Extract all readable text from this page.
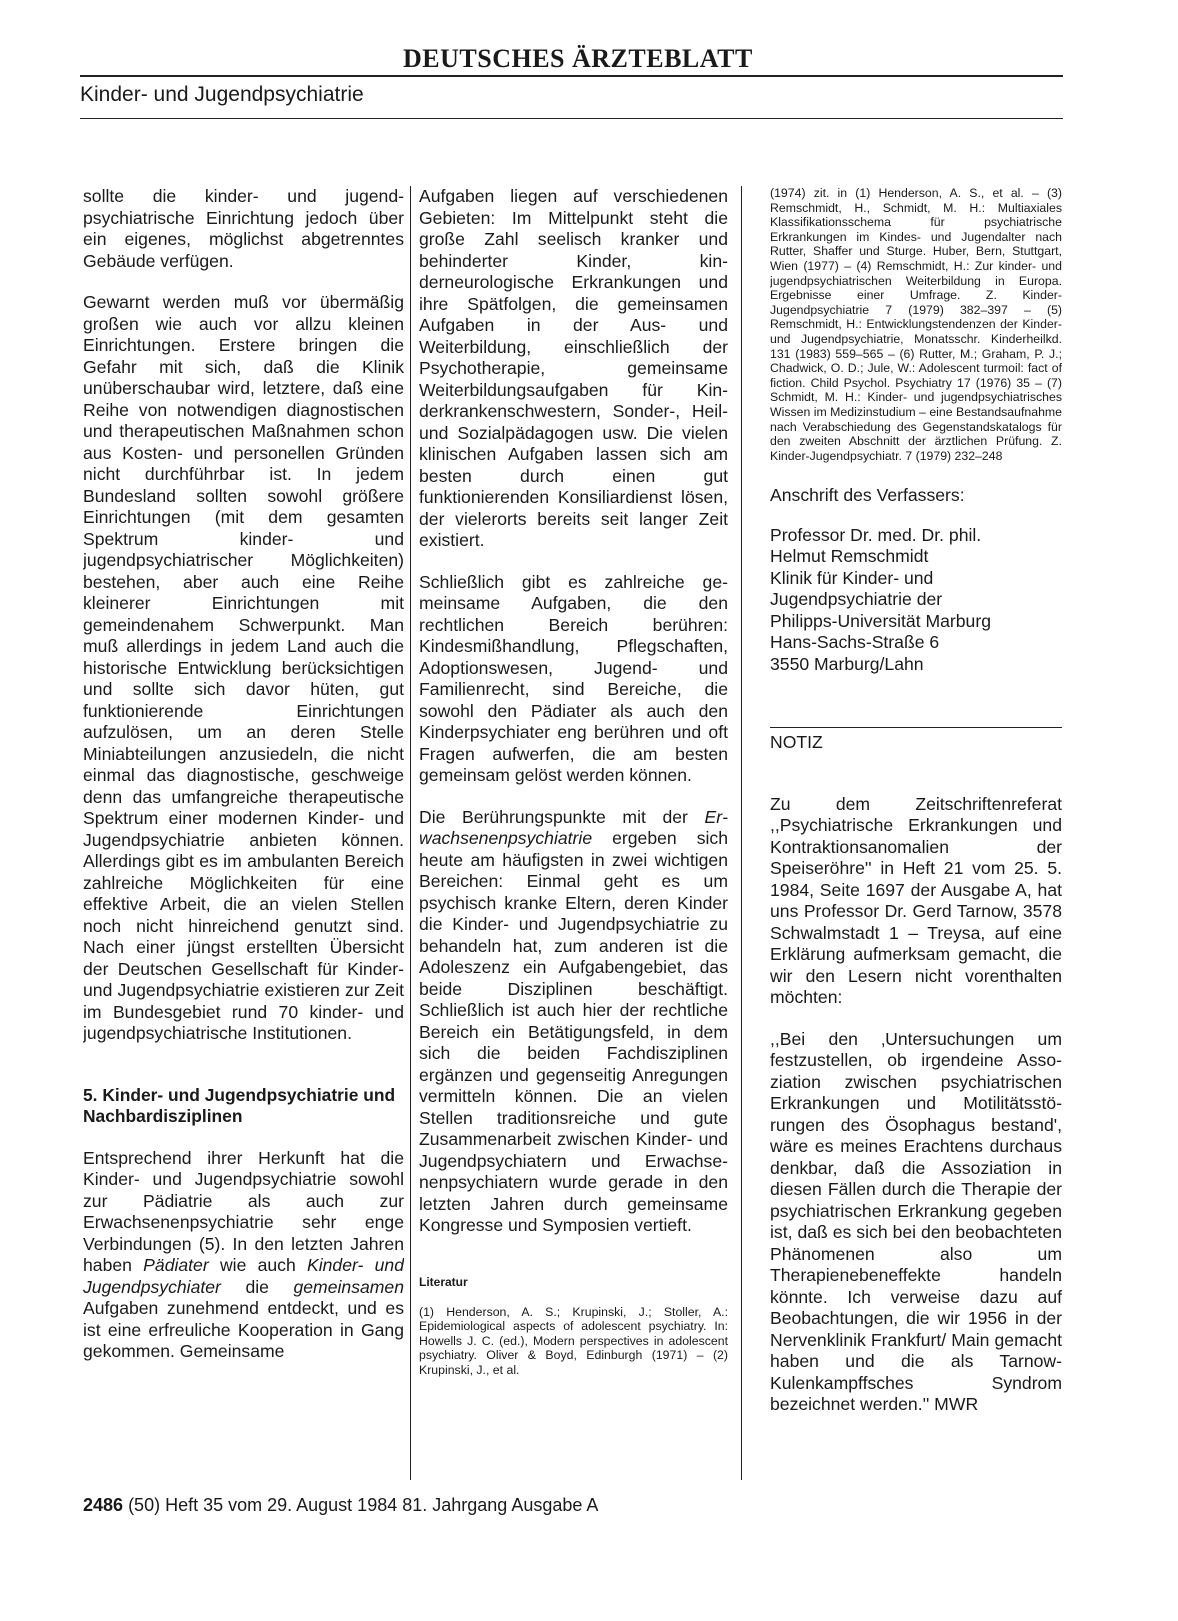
DEUTSCHES ÄRZTEBLATT
Kinder- und Jugendpsychiatrie

sollte die kinder- und jugendpsychiatrische Einrichtung jedoch über ein eigenes, möglichst abgetrenntes Gebäude verfügen.

Gewarnt werden muß vor übermäßig großen wie auch vor allzu kleinen Einrichtungen. Erstere bringen die Gefahr mit sich, daß die Klinik unüberschaubar wird, letztere, daß eine Reihe von notwendigen diagnostischen und therapeutischen Maßnahmen schon aus Kosten- und personellen Gründen nicht durchführbar ist. In jedem Bundesland sollten sowohl größere Einrichtungen (mit dem gesamten Spektrum kinder- und jugendpsychiatrischer Möglichkeiten) bestehen, aber auch eine Reihe kleinerer Einrichtungen mit gemeindenahem Schwerpunkt. Man muß allerdings in jedem Land auch die historische Entwicklung berücksichtigen und sollte sich davor hüten, gut funktionierende Einrichtungen aufzulösen, um an deren Stelle Miniabteilungen anzusiedeln, die nicht einmal das diagnostische, geschweige denn das umfangreiche therapeutische Spektrum einer modernen Kinder- und Jugendpsychiatrie anbieten können. Allerdings gibt es im ambulanten Bereich zahlreiche Möglichkeiten für eine effektive Arbeit, die an vielen Stellen noch nicht hinreichend genutzt sind. Nach einer jüngst erstellten Übersicht der Deutschen Gesellschaft für Kinder- und Jugendpsychiatrie existieren zur Zeit im Bundesgebiet rund 70 kinder- und jugendpsychiatrische Institutionen.

5. Kinder- und Jugendpsychiatrie und Nachbardisziplinen

Entsprechend ihrer Herkunft hat die Kinder- und Jugendpsychiatrie sowohl zur Pädiatrie als auch zur Erwachsenenpsychiatrie sehr enge Verbindungen (5). In den letzten Jahren haben Pädiater wie auch Kinder- und Jugendpsychiater die gemeinsamen Aufgaben zunehmend entdeckt, und es ist eine erfreuliche Kooperation in Gang gekommen. Gemeinsame

Aufgaben liegen auf verschiedenen Gebieten: Im Mittelpunkt steht die große Zahl seelisch kranker und behinderter Kinder, kinderneurologische Erkrankungen und ihre Spätfolgen, die gemeinsamen Aufgaben in der Aus- und Weiterbildung, einschließlich der Psychotherapie, gemeinsame Weiterbildungsaufgaben für Kinderkrankenschwestern, Sonder-, Heil- und Sozialpädagogen usw. Die vielen klinischen Aufgaben lassen sich am besten durch einen gut funktionierenden Konsiliardienst lösen, der vielerorts bereits seit langer Zeit existiert.

Schließlich gibt es zahlreiche gemeinsame Aufgaben, die den rechtlichen Bereich berühren: Kindesmißhandlung, Pflegschaften, Adoptionswesen, Jugend- und Familienrecht, sind Bereiche, die sowohl den Pädiater als auch den Kinderpsychiater eng berühren und oft Fragen aufwerfen, die am besten gemeinsam gelöst werden können.

Die Berührungspunkte mit der Erwachsenenpsychiatrie ergeben sich heute am häufigsten in zwei wichtigen Bereichen: Einmal geht es um psychisch kranke Eltern, deren Kinder die Kinder- und Jugendpsychiatrie zu behandeln hat, zum anderen ist die Adoleszenz ein Aufgabengebiet, das beide Disziplinen beschäftigt. Schließlich ist auch hier der rechtliche Bereich ein Betätigungsfeld, in dem sich die beiden Fachdisziplinen ergänzen und gegenseitig Anregungen vermitteln können. Die an vielen Stellen traditionsreiche und gute Zusammenarbeit zwischen Kinder- und Jugendpsychiatern und Erwachsenenpsychiatern wurde gerade in den letzten Jahren durch gemeinsame Kongresse und Symposien vertieft.

Literatur

(1) Henderson, A. S.; Krupinski, J.; Stoller, A.: Epidemiological aspects of adolescent psychiatry. In: Howells J. C. (ed.), Modern perspectives in adolescent psychiatry. Oliver & Boyd, Edinburgh (1971) – (2) Krupinski, J., et al.

(1974) zit. in (1) Henderson, A. S., et al. – (3) Remschmidt, H., Schmidt, M. H.: Multiaxiales Klassifikationsschema für psychiatrische Erkrankungen im Kindes- und Jugendalter nach Rutter, Shaffer und Sturge. Huber, Bern, Stuttgart, Wien (1977) – (4) Remschmidt, H.: Zur kinder- und jugendpsychiatrischen Weiterbildung in Europa. Ergebnisse einer Umfrage. Z. Kinder-Jugendpsychiatrie 7 (1979) 382–397 – (5) Remschmidt, H.: Entwicklungstendenzen der Kinder- und Jugendpsychiatrie, Monatsschr. Kinderheilkd. 131 (1983) 559–565 – (6) Rutter, M.; Graham, P. J.; Chadwick, O. D.; Jule, W.: Adolescent turmoil: fact of fiction. Child Psychol. Psychiatry 17 (1976) 35 – (7) Schmidt, M. H.: Kinder- und jugendpsychiatrisches Wissen im Medizinstudium – eine Bestandsaufnahme nach Verabschiedung des Gegenstandskatalogs für den zweiten Abschnitt der ärztlichen Prüfung. Z. Kinder-Jugendpsychiatr. 7 (1979) 232–248

Anschrift des Verfassers:
Professor Dr. med. Dr. phil.
Helmut Remschmidt
Klinik für Kinder- und
Jugendpsychiatrie der
Philipps-Universität Marburg
Hans-Sachs-Straße 6
3550 Marburg/Lahn
NOTIZ

Zu dem Zeitschriftenreferat ,,Psychiatrische Erkrankungen und Kontraktionsanomalien der Speiseröhre'' in Heft 21 vom 25. 5. 1984, Seite 1697 der Ausgabe A, hat uns Professor Dr. Gerd Tarnow, 3578 Schwalmstadt 1 – Treysa, auf eine Erklärung aufmerksam gemacht, die wir den Lesern nicht vorenthalten möchten:

,,Bei den ‚Untersuchungen um festzustellen, ob irgendeine Assoziation zwischen psychiatrischen Erkrankungen und Motilitätsstörungen des Ösophagus bestand', wäre es meines Erachtens durchaus denkbar, daß die Assoziation in diesen Fällen durch die Therapie der psychiatrischen Erkrankung gegeben ist, daß es sich bei den beobachteten Phänomenen also um Therapienebeneffekte handeln könnte. Ich verweise dazu auf Beobachtungen, die wir 1956 in der Nervenklinik Frankfurt/ Main gemacht haben und die als Tarnow-Kulenkampffsches Syndrom bezeichnet werden.'' MWR

2486 (50) Heft 35 vom 29. August 1984 81. Jahrgang Ausgabe A
